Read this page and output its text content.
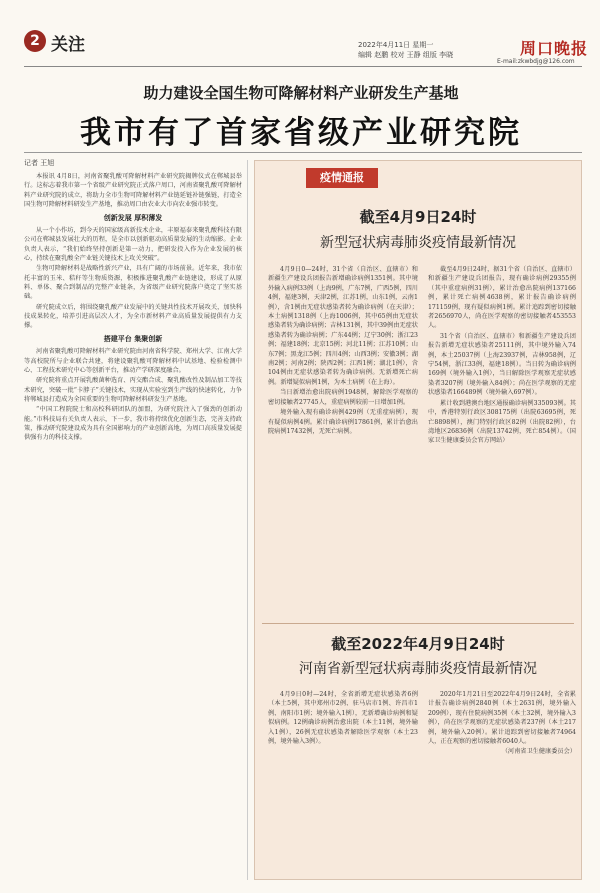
2 关注	2022年4月11日 星期一
编辑 赵鹏 校对 王静 组版 李晓	周口晚报
E-mail:zkwbdjg@126.com
助力建设全国生物可降解材料产业研发生产基地
我市有了首家省级产业研究院
记者 王旭

本报讯 4月8日，河南省聚乳酸可降解材料产业研究院揭牌仪式在郸城县举行。这标志着我市第一个省级产业研究院正式落户周口，河南省聚乳酸可降解材料产业研究院的成立，将助力全市生物可降解材料产业链延链补链强链，打造全国生物可降解材料研发生产基地，推动周口由农业大市向农业强市转变。

创新发展 厚积薄发

从一个小作坊，到今天的国家级高新技术企业，丰原福泰来聚乳酸科技有限公司在郸城县发展壮大的历程，是全市以创新驱动高质量发展的生动缩影。企业负责人表示，“我们始终坚持创新是第一动力，把研发投入作为企业发展的核心，持续在聚乳酸全产业链关键技术上攻关突破”。

生物可降解材料是战略性新兴产业，具有广阔的市场前景。近年来，我市依托丰富的玉米、秸秆等生物质资源，积极推进聚乳酸产业链建设，形成了从原料、单体、聚合到制品的完整产业链条，为省级产业研究院落户奠定了坚实基础。

研究院成立后，将围绕聚乳酸产业发展中的关键共性技术开展攻关，加快科技成果转化，培养引进高层次人才，为全市新材料产业高质量发展提供有力支撑。

搭建平台 集聚创新

河南省聚乳酸可降解材料产业研究院由河南省科学院、郑州大学、江南大学等高校院所与企业联合共建，将建设聚乳酸可降解材料中试基地、检验检测中心、工程技术研究中心等创新平台，推动产学研深度融合。

研究院将重点开展乳酸菌种选育、丙交酯合成、聚乳酸改性及制品加工等技术研究，突破一批“卡脖子”关键技术，实现从实验室到生产线的快速转化，力争将郸城县打造成为全国重要的生物可降解材料研发生产基地。

“中国工程院院士和高校科研团队的加盟，为研究院注入了强劲的创新动能。”市科技局有关负责人表示，下一步，我市将持续优化创新生态，完善支持政策，推动研究院建设成为具有全国影响力的产业创新高地，为周口高质量发展提供强有力的科技支撑。

疫情通报
截至4月9日24时
新型冠状病毒肺炎疫情最新情况

4月9日0—24时，31个省（自治区、直辖市）和新疆生产建设兵团报告新增确诊病例1351例。其中境外输入病例33例（上海9例，广东7例，广西5例，四川4例，福建3例，天津2例，江苏1例，山东1例，云南1例），含1例由无症状感染者转为确诊病例（在天津）；本土病例1318例（上海1006例，其中65例由无症状感染者转为确诊病例；吉林131例，其中39例由无症状感染者转为确诊病例；广东44例；辽宁30例；浙江23例；福建18例；北京15例；河北11例；江苏10例；山东7例；黑龙江5例；四川4例；山西3例；安徽3例；湖南2例；河南2例；陕西2例；江西1例；湖北1例），含104例由无症状感染者转为确诊病例。无新增死亡病例。新增疑似病例1例，为本土病例（在上海）。

当日新增治愈出院病例1948例，解除医学观察的密切接触者27745人，重症病例较前一日增加1例。

境外输入现有确诊病例429例（无重症病例），现有疑似病例4例。累计确诊病例17861例，累计治愈出院病例17432例，无死亡病例。

截至4月9日24时，据31个省（自治区、直辖市）和新疆生产建设兵团报告，现有确诊病例29355例（其中重症病例31例），累计治愈出院病例137166例，累计死亡病例4638例，累计报告确诊病例171159例，现有疑似病例1例。累计追踪到密切接触者2656970人，尚在医学观察的密切接触者453553人。

31个省（自治区、直辖市）和新疆生产建设兵团报告新增无症状感染者25111例，其中境外输入74例，本土25037例（上海23937例，吉林958例，辽宁54例，浙江33例，福建18例）。当日转为确诊病例169例（境外输入1例），当日解除医学观察无症状感染者3207例（境外输入84例）；尚在医学观察的无症状感染者166489例（境外输入697例）。

累计收到港澳台地区通报确诊病例335093例。其中，香港特别行政区308175例（出院63695例，死亡8898例），澳门特别行政区82例（出院82例），台湾地区26836例（出院13742例，死亡854例）。（国家卫生健康委员会官方网站）

截至2022年4月9日24时
河南省新型冠状病毒肺炎疫情最新情况

4月9日0时—24时，全省新增无症状感染者6例（本土5例，其中郑州市2例、驻马店市1例、许昌市1例、南阳市1例；境外输入1例），无新增确诊病例和疑似病例。12例确诊病例治愈出院（本土11例，境外输入1例），26例无症状感染者解除医学观察（本土23例，境外输入3例）。

2020年1月21日至2022年4月9日24时，全省累计报告确诊病例2840例（本土2631例，境外输入209例），现有住院病例35例（本土32例，境外输入3例），尚在医学观察的无症状感染者237例（本土217例，境外输入20例）。累计追踪到密切接触者74964人，正在观察的密切接触者6040人。

（河南省卫生健康委员会）
